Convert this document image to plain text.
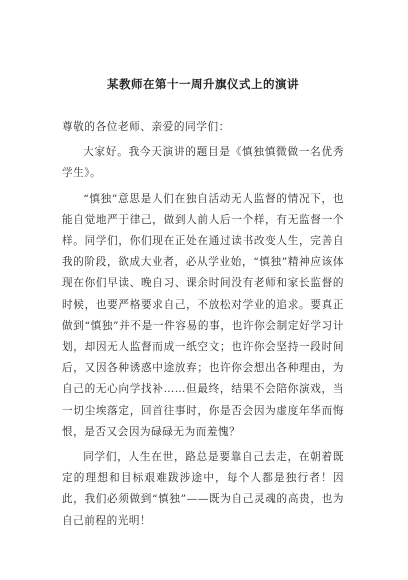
某教师在第十一周升旗仪式上的演讲

尊敬的各位老师、亲爱的同学们：

大家好。我今天演讲的题目是《慎独慎微做一名优秀学生》。

“慎独”意思是人们在独自活动无人监督的情况下，也能自觉地严于律己，做到人前人后一个样，有无监督一个样。同学们，你们现在正处在通过读书改变人生，完善自我的阶段，欲成大业者，必从学业始，“慎独”精神应该体现在你们早读、晚自习、课余时间没有老师和家长监督的时候，也要严格要求自己，不放松对学业的追求。要真正做到“慎独”并不是一件容易的事，也许你会制定好学习计划，却因无人监督而成一纸空文；也许你会坚持一段时间后，又因各种诱惑中途放弃；也许你会想出各种理由，为自己的无心向学找补……但最终，结果不会陪你演戏，当一切尘埃落定，回首往事时，你是否会因为虚度年华而悔恨，是否又会因为碌碌无为而羞愧？

同学们，人生在世，路总是要靠自己去走，在朝着既定的理想和目标艰难跋涉途中，每个人都是独行者！因此，我们必须做到“慎独”——既为自己灵魂的高贵，也为自己前程的光明！
